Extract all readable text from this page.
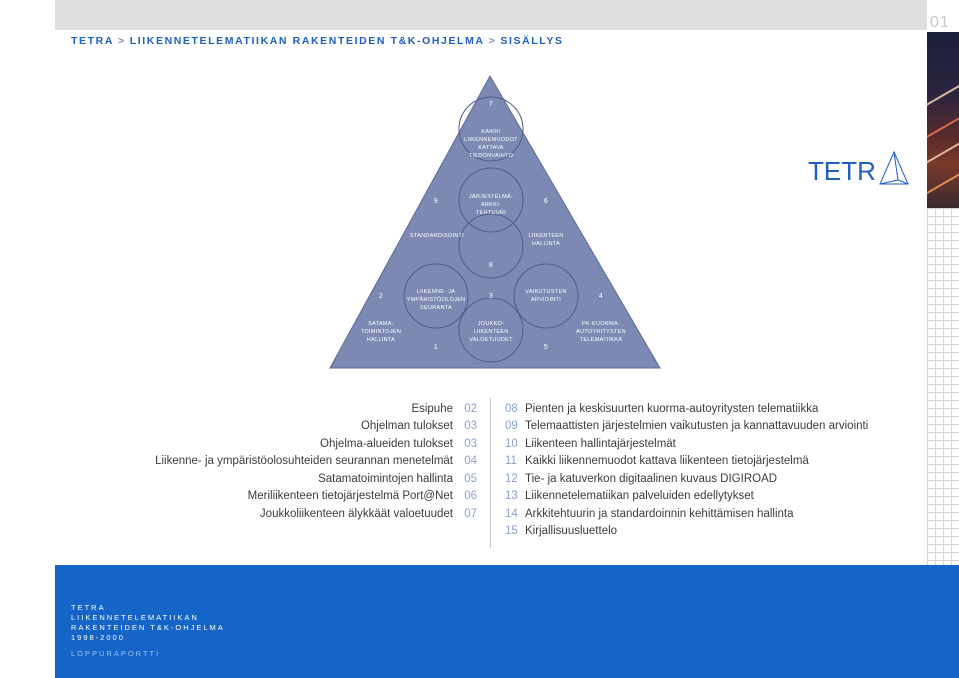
01
TETRA > LIIKENNETELEMATIIKAN RAKENTEIDEN T&K-OHJELMA > SISÄLLYS
TETR
7
KAIKKI
LIIKENNEMUODOT
KATTAVA
TIEDONVAIHTO
9
JÄRJESTELMÄ-
ARKKI-
TEHTUURI
6
STANDARDISOINTI	LIIKENTEEN
HALLINTA
8
2
LIIKENNE- JA
YMPÄRISTÖOLOJEN
SEURANTA
3
VAIKUTUSTEN
ARVIOINTI	4
SATAMA-
TOIMINTOJEN
HALLINTA
JOUKKO-
LIIKENTEEN
VALOETUUDET
PK-KUORMA-
AUTOYRITYSTEN
TELEMATIIKKA
1	5
Esipuhe 02
Ohjelman tulokset 03
Ohjelma-alueiden tulokset 03
Liikenne- ja ympäristöolosuhteiden seurannan menetelmät 04
Satamatoimintojen hallinta 05
Meriliikenteen tietojärjestelmä Port@Net 06
Joukkoliikenteen älykkäät valoetuudet 07
08 Pienten ja keskisuurten kuorma-autoyritysten telematiikka
09 Telemaattisten järjestelmien vaikutusten ja kannattavuuden arviointi
10 Liikenteen hallintajärjestelmät
11 Kaikki liikennemuodot kattava liikenteen tietojärjestelmä
12 Tie- ja katuverkon digitaalinen kuvaus DIGIROAD
13 Liikennetelematiikan palveluiden edellytykset
14 Arkkitehtuurin ja standardoinnin kehittämisen hallinta
15 Kirjallisuusluettelo
TETRA
LIIKENNETELEMATIIKAN
RAKENTEIDEN T&K-OHJELMA
1998-2000
LOPPURAPORTTI
